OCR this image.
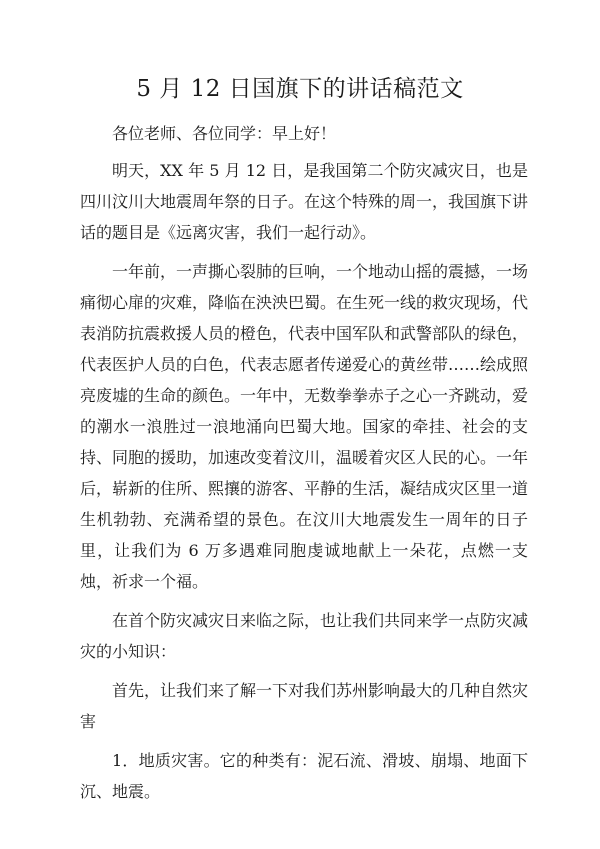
5 月 12 日国旗下的讲话稿范文

各位老师、各位同学：早上好！

明天，XX 年 5 月 12 日，是我国第二个防灾减灾日，也是四川汶川大地震周年祭的日子。在这个特殊的周一，我国旗下讲话的题目是《远离灾害，我们一起行动》。

一年前，一声撕心裂肺的巨响，一个地动山摇的震撼，一场痛彻心扉的灾难，降临在泱泱巴蜀。在生死一线的救灾现场，代表消防抗震救援人员的橙色，代表中国军队和武警部队的绿色，代表医护人员的白色，代表志愿者传递爱心的黄丝带……绘成照亮废墟的生命的颜色。一年中，无数拳拳赤子之心一齐跳动，爱的潮水一浪胜过一浪地涌向巴蜀大地。国家的牵挂、社会的支持、同胞的援助，加速改变着汶川，温暖着灾区人民的心。一年后，崭新的住所、熙攘的游客、平静的生活，凝结成灾区里一道生机勃勃、充满希望的景色。在汶川大地震发生一周年的日子里，让我们为 6 万多遇难同胞虔诚地献上一朵花，点燃一支烛，祈求一个福。

在首个防灾减灾日来临之际，也让我们共同来学一点防灾减灾的小知识：

首先，让我们来了解一下对我们苏州影响最大的几种自然灾害

1．地质灾害。它的种类有：泥石流、滑坡、崩塌、地面下沉、地震。
